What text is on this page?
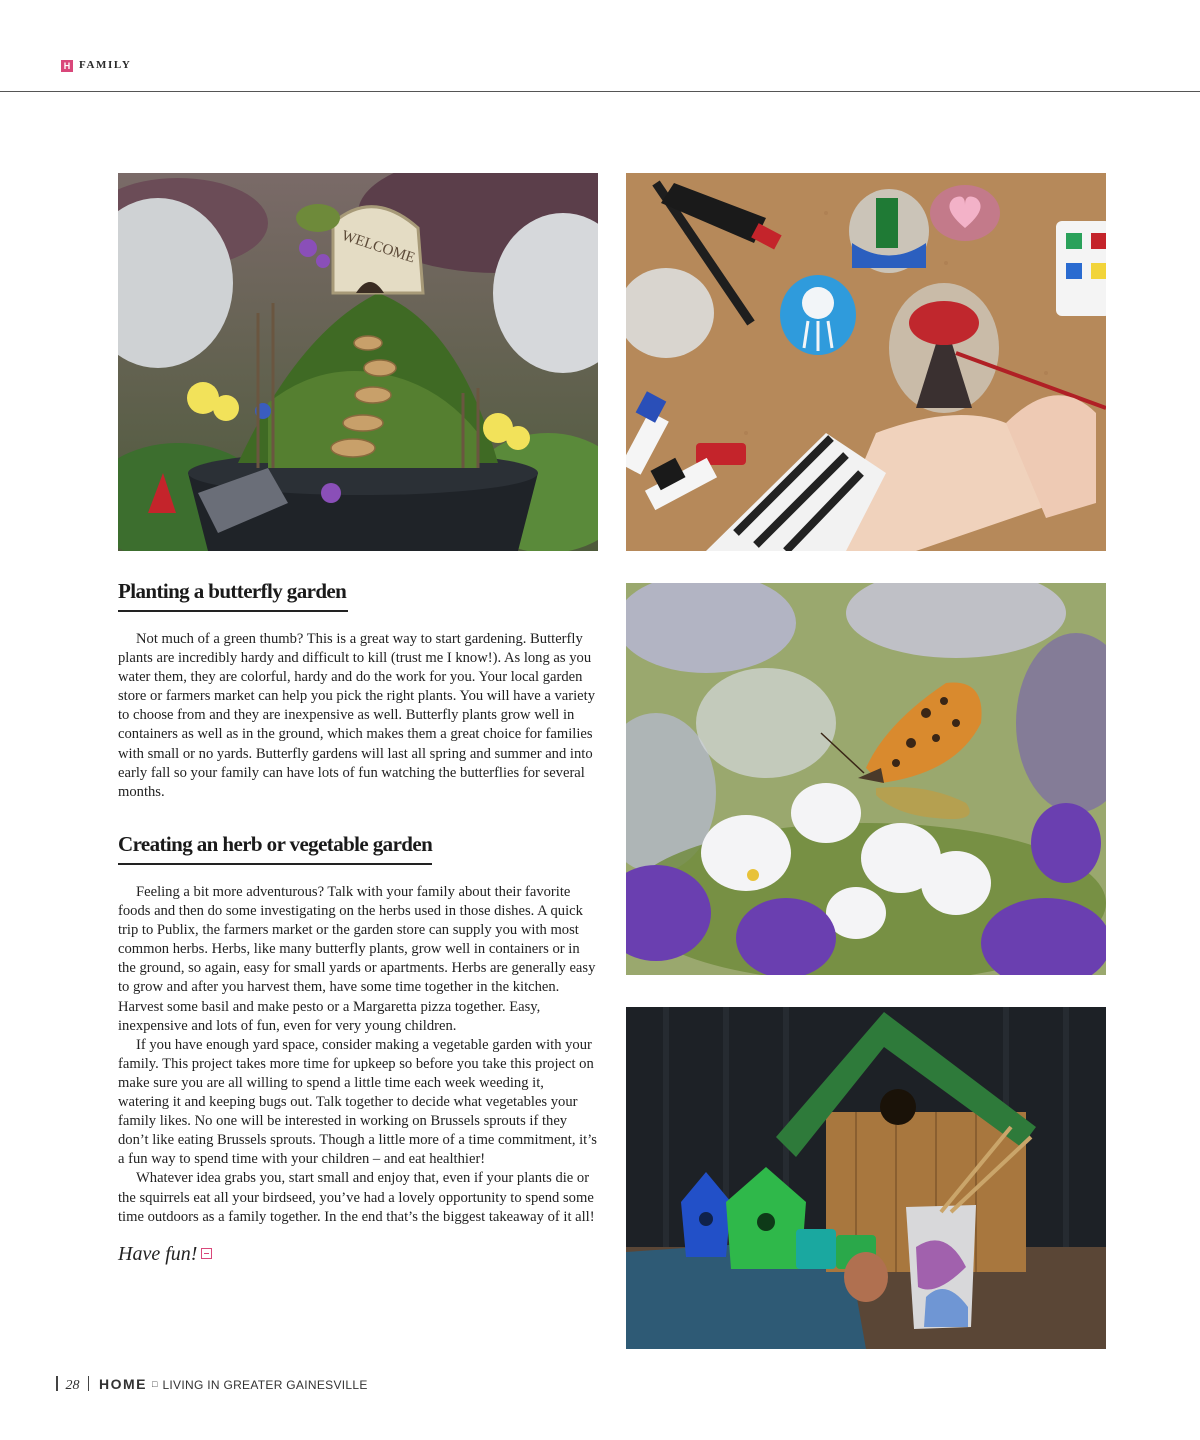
H FAMILY
WELCOME
Planting a butterfly garden

Not much of a green thumb? This is a great way to start gardening. Butterfly plants are incredibly hardy and difficult to kill (trust me I know!). As long as you water them, they are colorful, hardy and do the work for you. Your local garden store or farmers market can help you pick the right plants. You will have a variety to choose from and they are inexpensive as well. Butterfly plants grow well in containers as well as in the ground, which makes them a great choice for families with small or no yards. Butterfly gardens will last all spring and summer and into early fall so your family can have lots of fun watching the butterflies for several months.

Creating an herb or vegetable garden

Feeling a bit more adventurous? Talk with your family about their favorite foods and then do some investigating on the herbs used in those dishes. A quick trip to Publix, the farmers market or the garden store can supply you with most common herbs. Herbs, like many butterfly plants, grow well in containers or in the ground, so again, easy for small yards or apartments. Herbs are generally easy to grow and after you harvest them, have some time together in the kitchen. Harvest some basil and make pesto or a Margaretta pizza together. Easy, inexpensive and lots of fun, even for very young children.

If you have enough yard space, consider making a vegetable garden with your family. This project takes more time for upkeep so before you take this project on make sure you are all willing to spend a little time each week weeding it, watering it and keeping bugs out. Talk together to decide what vegetables your family likes. No one will be interested in working on Brussels sprouts if they don’t like eating Brussels sprouts. Though a little more of a time commitment, it’s a fun way to spend time with your children – and eat healthier!

Whatever idea grabs you, start small and enjoy that, even if your plants die or the squirrels eat all your birdseed, you’ve had a lovely opportunity to spend some time outdoors as a family together. In the end that’s the biggest takeaway of it all!

Have fun!
28 HOME □ LIVING IN GREATER GAINESVILLE
